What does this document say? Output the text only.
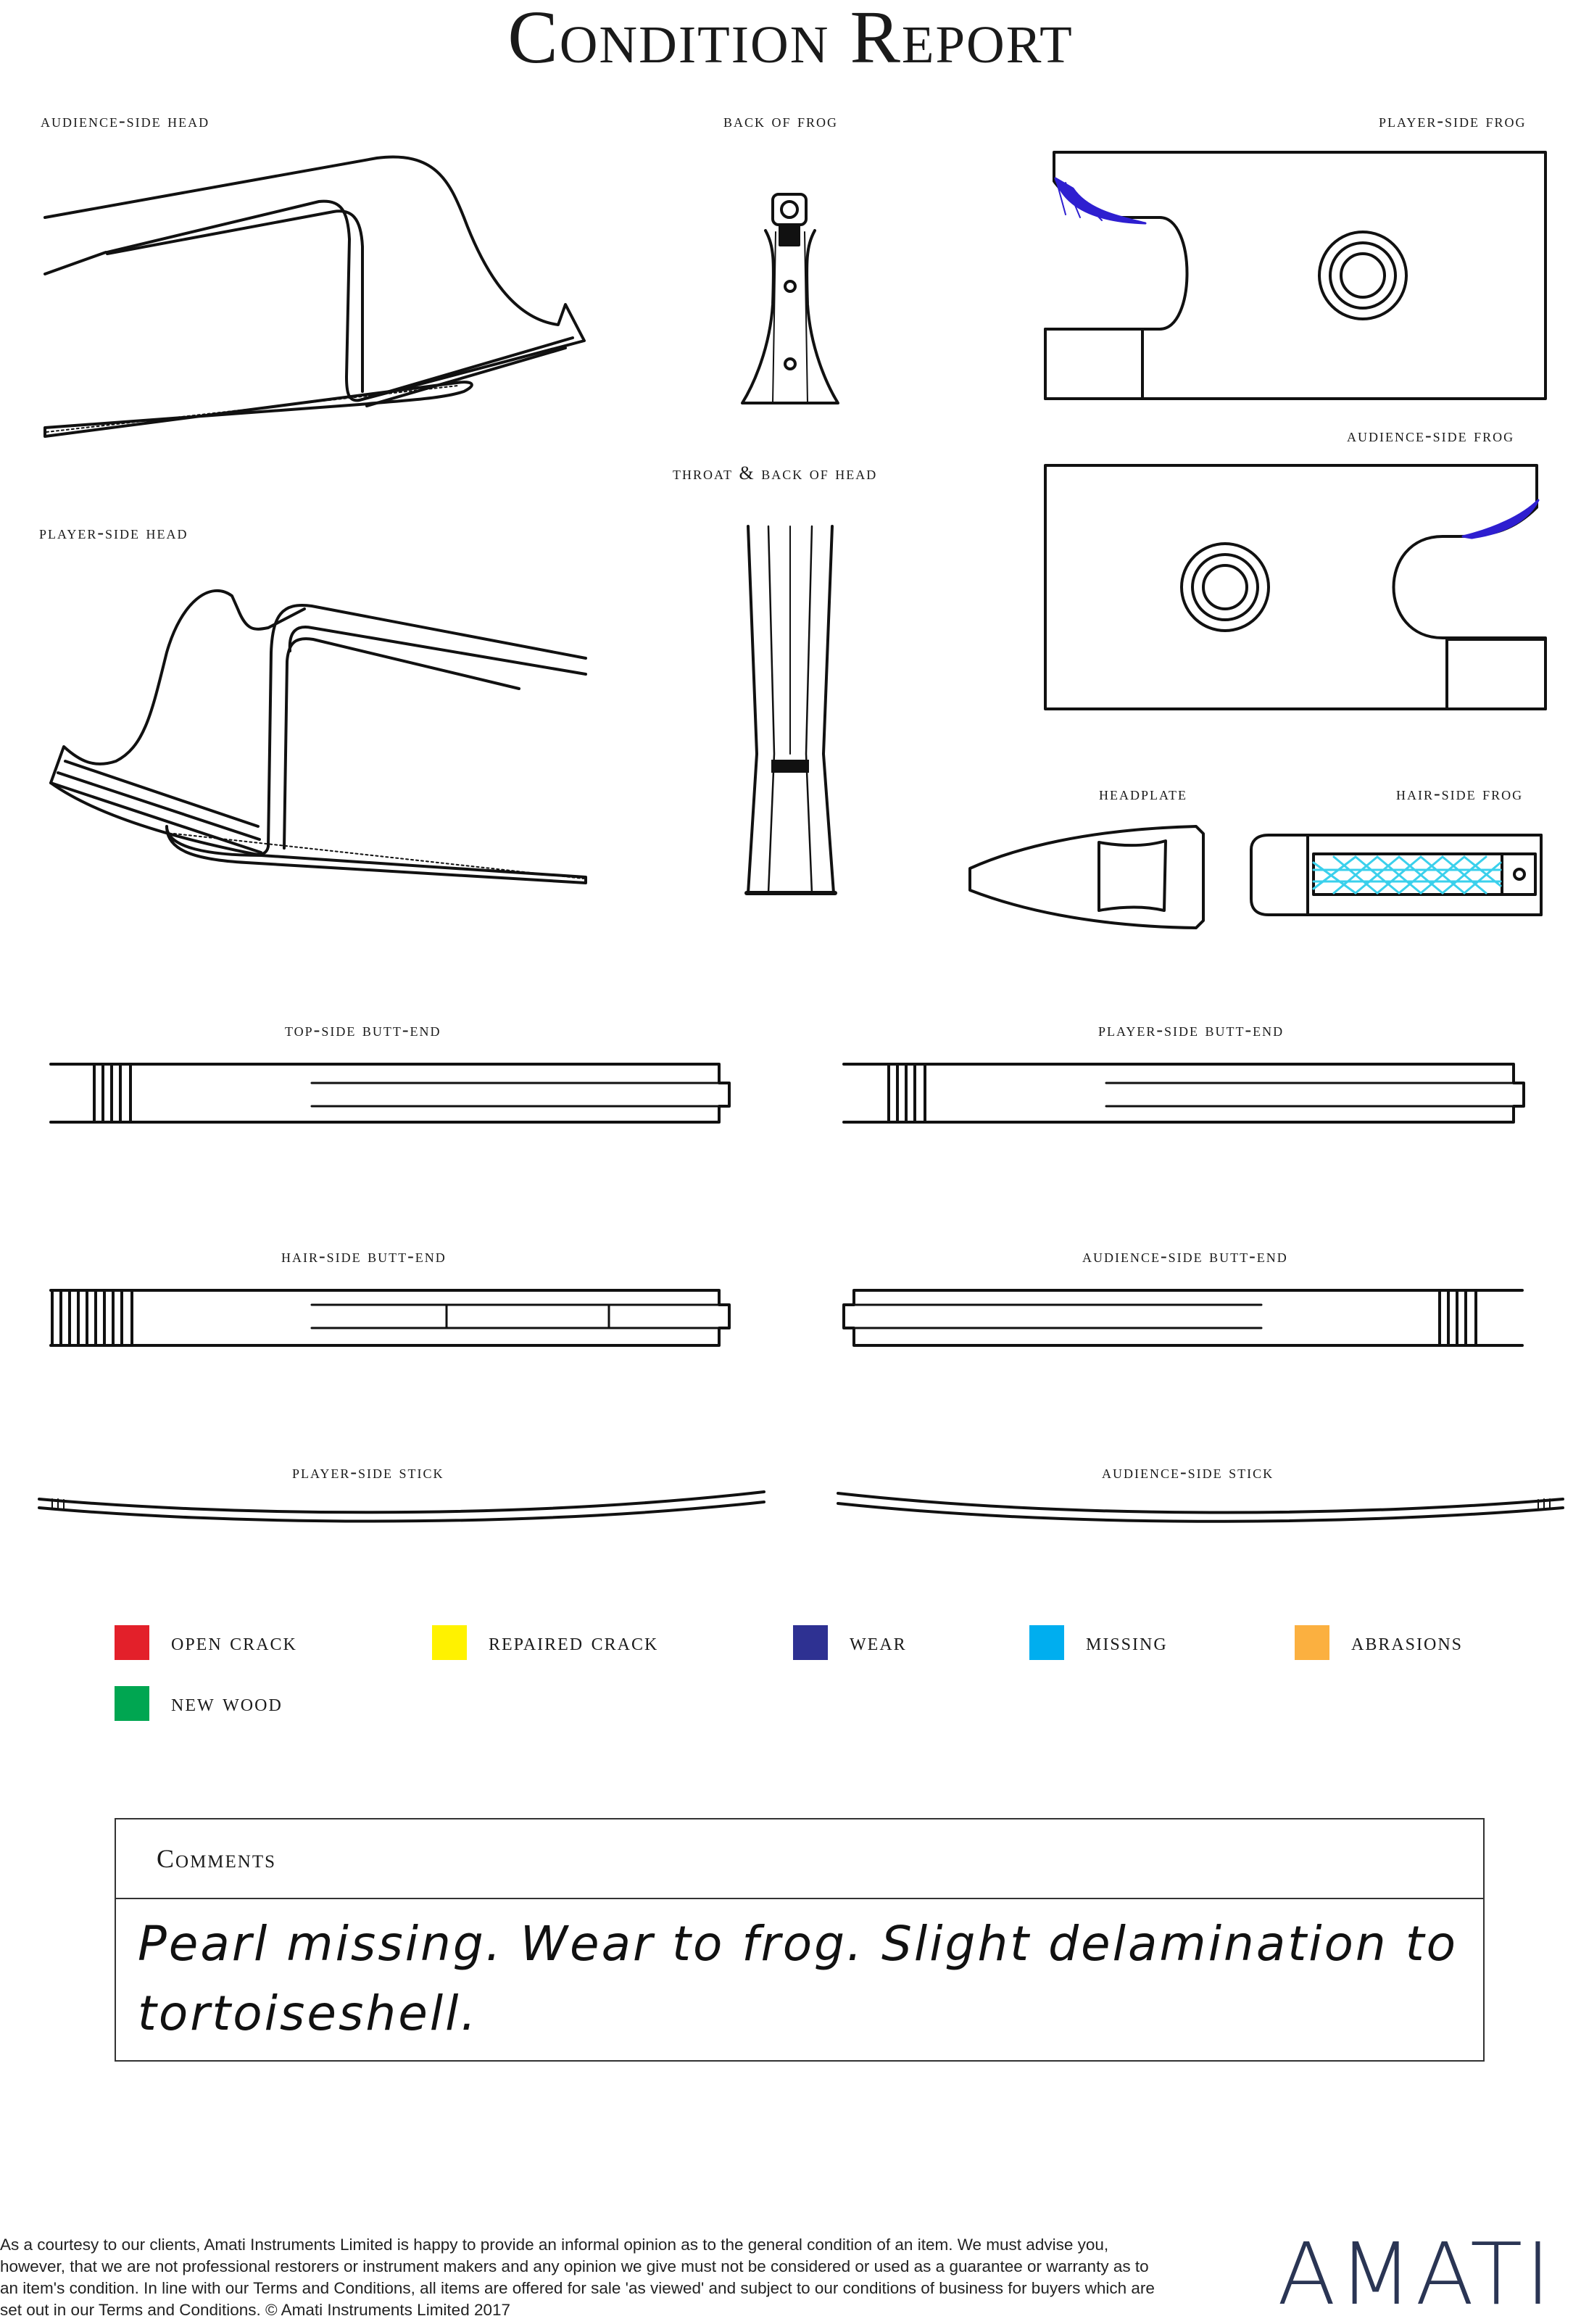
Condition Report
audience-side head	back of frog	player-side frog
audience-side frog
throat & back of head
player-side head
headplate	hair-side frog
top-side butt-end	player-side butt-end
hair-side butt-end	audience-side butt-end
player-side stick	audience-side stick
open crack	repaired crack	wear	missing	abrasions
new wood
Comments
Pearl missing. Wear to frog. Slight delamination to tortoiseshell.
As a courtesy to our clients, Amati Instruments Limited is happy to provide an informal opinion as to the general condition of an item. We must advise you, however, that we are not professional restorers or instrument makers and any opinion we give must not be considered or used as a guarantee or warranty as to an item's condition. In line with our Terms and Conditions, all items are offered for sale 'as viewed' and subject to our conditions of business for buyers which are set out in our Terms and Conditions. © Amati Instruments Limited 2017	AMATI
